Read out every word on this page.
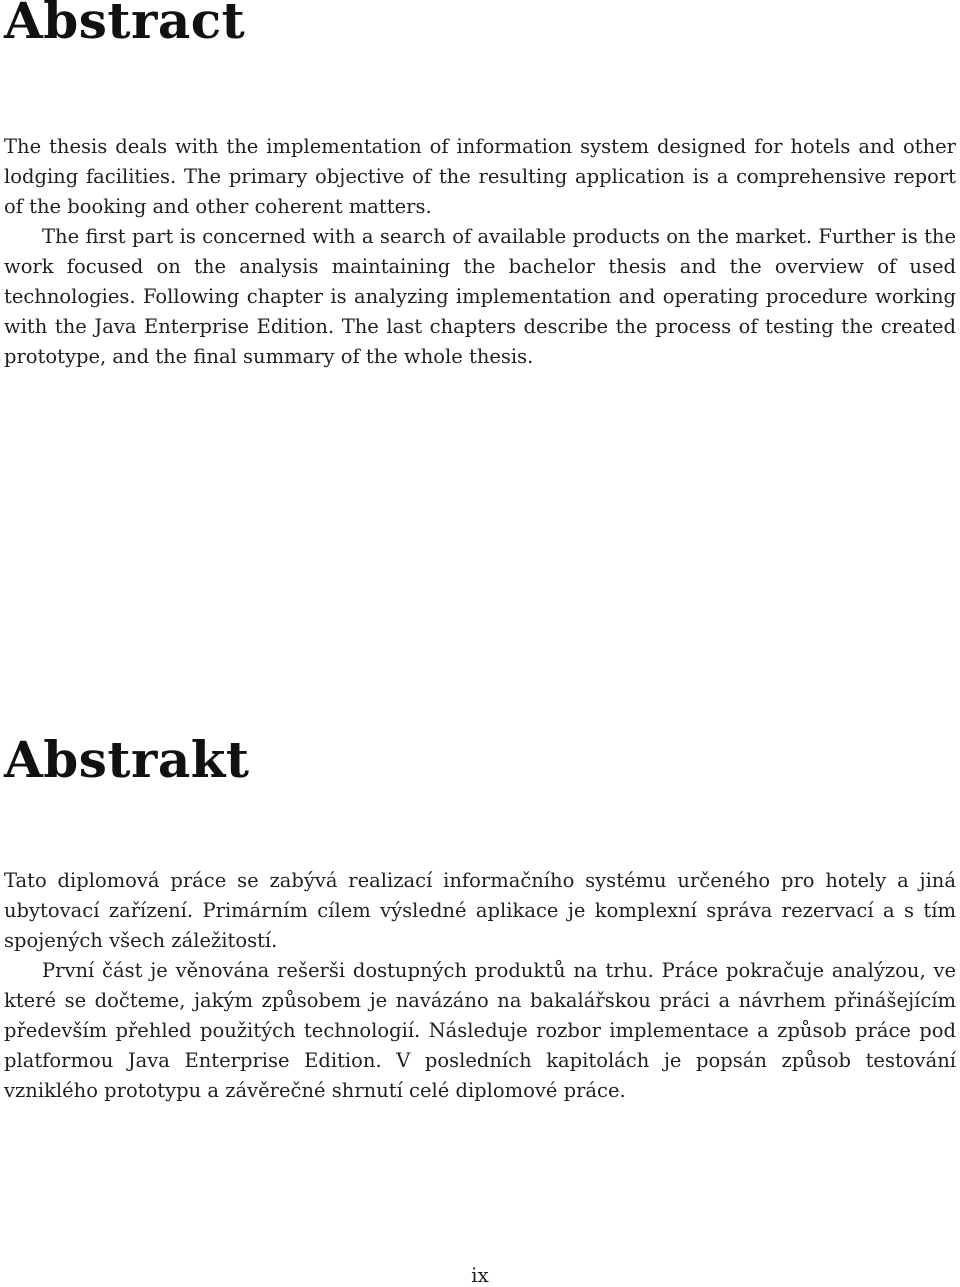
Abstract

The thesis deals with the implementation of information system designed for hotels and other lodging facilities. The primary objective of the resulting application is a comprehensive report of the booking and other coherent matters.

The first part is concerned with a search of available products on the market. Further is the work focused on the analysis maintaining the bachelor thesis and the overview of used technologies. Following chapter is analyzing implementation and operating procedure working with the Java Enterprise Edition. The last chapters describe the process of testing the created prototype, and the final summary of the whole thesis.

Abstrakt

Tato diplomová práce se zabývá realizací informačního systému určeného pro hotely a jiná ubytovací zařízení. Primárním cílem výsledné aplikace je komplexní správa rezervací a s tím spojených všech záležitostí.

První část je věnována rešerši dostupných produktů na trhu. Práce pokračuje analýzou, ve které se dočteme, jakým způsobem je navázáno na bakalářskou práci a návrhem přinášejícím především přehled použitých technologií. Následuje rozbor implementace a způsob práce pod platformou Java Enterprise Edition. V posledních kapitolách je popsán způsob testování vzniklého prototypu a závěrečné shrnutí celé diplomové práce.

ix
